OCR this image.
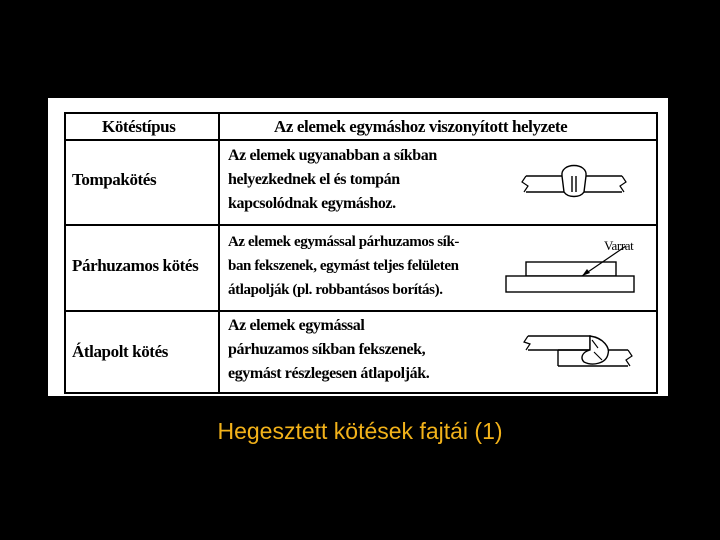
Kötéstípus	Az elemek egymáshoz viszonyított helyzete
Tompakötés
Az elemek ugyanabban a síkban
helyezkednek el és tompán
kapcsolódnak egymáshoz.
Párhuzamos kötés
Az elemek egymással párhuzamos sík-
ban fekszenek, egymást teljes felületen
átlapolják (pl. robbantásos borítás).
Átlapolt kötés
Az elemek egymással
párhuzamos síkban fekszenek,
egymást részlegesen átlapolják.
Varrat
Hegesztett kötések fajtái (1)
